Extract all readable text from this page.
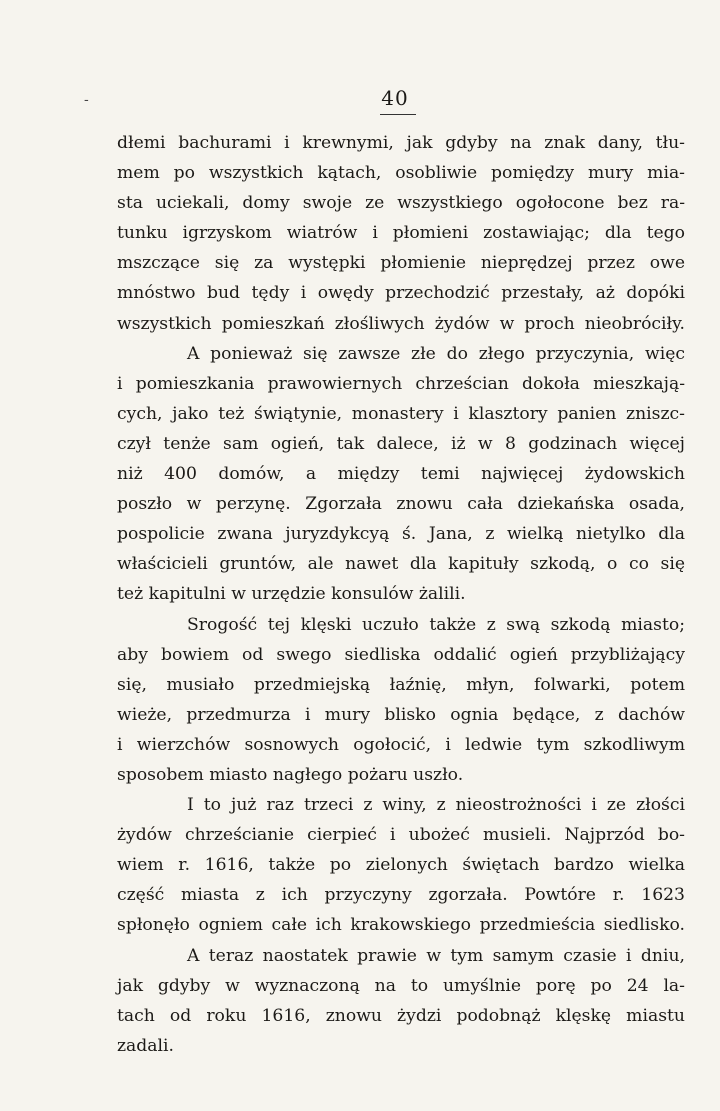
40
-

dłemi bachurami i krewnymi, jak gdyby na znak dany, tłu-
mem po wszystkich kątach, osobliwie pomiędzy mury mia-
sta uciekali, domy swoje ze wszystkiego ogołocone bez ra-
tunku igrzyskom wiatrów i płomieni zostawiając; dla tego
mszczące się za występki płomienie nieprędzej przez owe
mnóstwo bud tędy i owędy przechodzić przestały, aż dopóki
wszystkich pomieszkań złośliwych żydów w proch nieobróciły.

A ponieważ się zawsze złe do złego przyczynia, więc
i pomieszkania prawowiernych chrześcian dokoła mieszkają-
cych, jako też świątynie, monastery i klasztory panien zniszc-
czył tenże sam ogień, tak dalece, iż w 8 godzinach więcej
niż 400 domów, a między temi najwięcej żydowskich
poszło w perzynę. Zgorzała znowu cała dziekańska osada,
pospolicie zwana juryzdykcyą ś. Jana, z wielką nietylko dla
właścicieli gruntów, ale nawet dla kapituły szkodą, o co się
też kapitulni w urzędzie konsulów żalili.

Srogość tej klęski uczuło także z swą szkodą miasto;
aby bowiem od swego siedliska oddalić ogień przybliżający
się, musiało przedmiejską łaźnię, młyn, folwarki, potem
wieże, przedmurza i mury blisko ognia będące, z dachów
i wierzchów sosnowych ogołocić, i ledwie tym szkodliwym
sposobem miasto nagłego pożaru uszło.

I to już raz trzeci z winy, z nieostrożności i ze złości
żydów chrześcianie cierpieć i ubożeć musieli. Najprzód bo-
wiem r. 1616, także po zielonych świętach bardzo wielka
część miasta z ich przyczyny zgorzała. Powtóre r. 1623
spłonęło ogniem całe ich krakowskiego przedmieścia siedlisko.

A teraz naostatek prawie w tym samym czasie i dniu,
jak gdyby w wyznaczoną na to umyślnie porę po 24 la-
tach od roku 1616, znowu żydzi podobnąż klęskę miastu
zadali.
